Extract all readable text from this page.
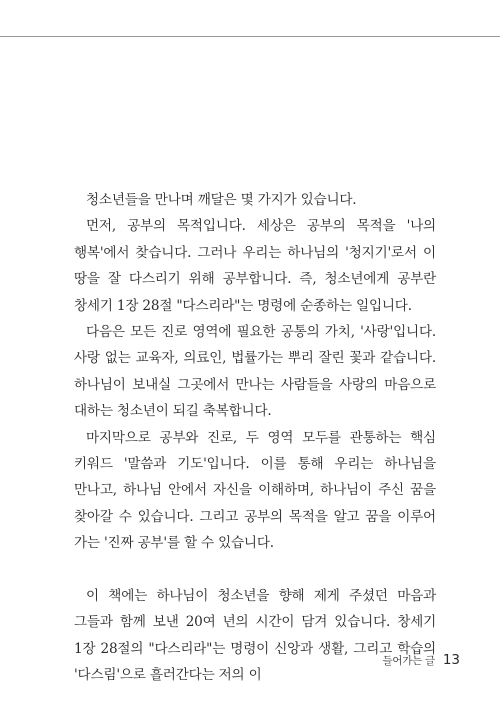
청소년들을 만나며 깨달은 몇 가지가 있습니다.

먼저, 공부의 목적입니다. 세상은 공부의 목적을 '나의 행복'에서 찾습니다. 그러나 우리는 하나님의 '청지기'로서 이 땅을 잘 다스리기 위해 공부합니다. 즉, 청소년에게 공부란 창세기 1장 28절 "다스리라"는 명령에 순종하는 일입니다.

다음은 모든 진로 영역에 필요한 공통의 가치, '사랑'입니다. 사랑 없는 교육자, 의료인, 법률가는 뿌리 잘린 꽃과 같습니다. 하나님이 보내실 그곳에서 만나는 사람들을 사랑의 마음으로 대하는 청소년이 되길 축복합니다.

마지막으로 공부와 진로, 두 영역 모두를 관통하는 핵심 키워드 '말씀과 기도'입니다. 이를 통해 우리는 하나님을 만나고, 하나님 안에서 자신을 이해하며, 하나님이 주신 꿈을 찾아갈 수 있습니다. 그리고 공부의 목적을 알고 꿈을 이루어 가는 '진짜 공부'를 할 수 있습니다.

이 책에는 하나님이 청소년을 향해 제게 주셨던 마음과 그들과 함께 보낸 20여 년의 시간이 담겨 있습니다. 창세기 1장 28절의 "다스리라"는 명령이 신앙과 생활, 그리고 학습의 '다스림'으로 흘러간다는 저의 이

들어가는 글 13
